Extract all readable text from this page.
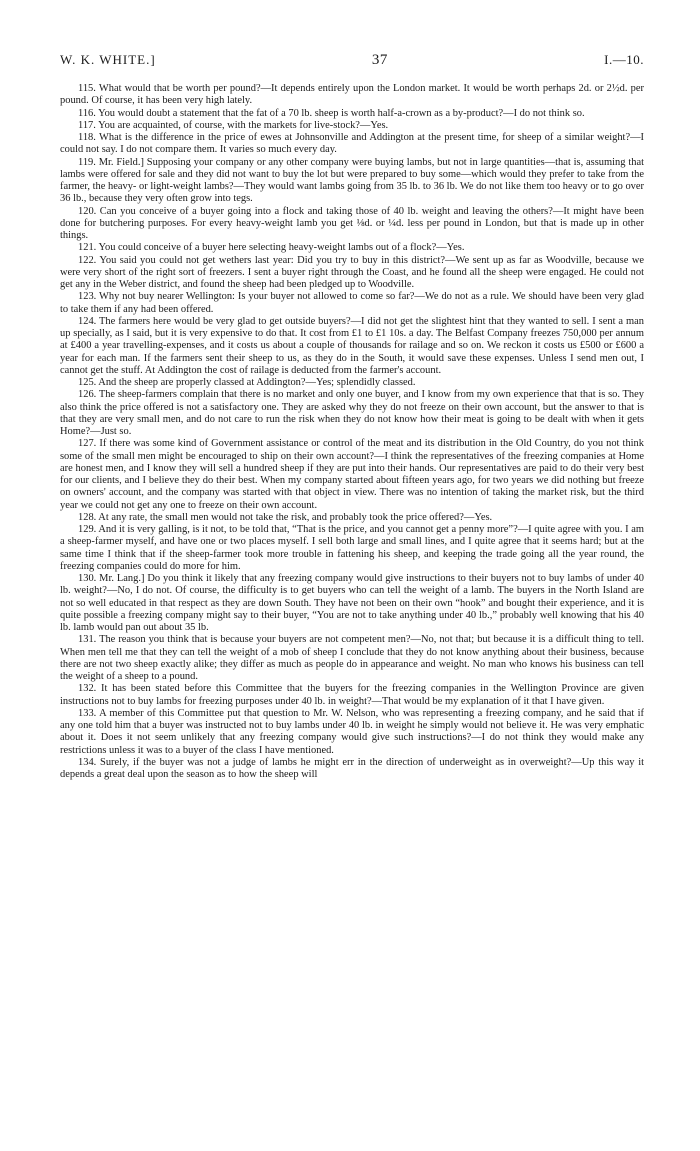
W. K. WHITE.]	37	I.—10.

115. What would that be worth per pound?—It depends entirely upon the London market. It would be worth perhaps 2d. or 2½d. per pound. Of course, it has been very high lately.

116. You would doubt a statement that the fat of a 70 lb. sheep is worth half-a-crown as a by-product?—I do not think so.

117. You are acquainted, of course, with the markets for live-stock?—Yes.

118. What is the difference in the price of ewes at Johnsonville and Addington at the present time, for sheep of a similar weight?—I could not say. I do not compare them. It varies so much every day.

119. Mr. Field.] Supposing your company or any other company were buying lambs, but not in large quantities—that is, assuming that lambs were offered for sale and they did not want to buy the lot but were prepared to buy some—which would they prefer to take from the farmer, the heavy- or light-weight lambs?—They would want lambs going from 35 lb. to 36 lb. We do not like them too heavy or to go over 36 lb., because they very often grow into tegs.

120. Can you conceive of a buyer going into a flock and taking those of 40 lb. weight and leaving the others?—It might have been done for butchering purposes. For every heavy-weight lamb you get ⅛d. or ¼d. less per pound in London, but that is made up in other things.

121. You could conceive of a buyer here selecting heavy-weight lambs out of a flock?—Yes.

122. You said you could not get wethers last year: Did you try to buy in this district?—We sent up as far as Woodville, because we were very short of the right sort of freezers. I sent a buyer right through the Coast, and he found all the sheep were engaged. He could not get any in the Weber district, and found the sheep had been pledged up to Woodville.

123. Why not buy nearer Wellington: Is your buyer not allowed to come so far?—We do not as a rule. We should have been very glad to take them if any had been offered.

124. The farmers here would be very glad to get outside buyers?—I did not get the slightest hint that they wanted to sell. I sent a man up specially, as I said, but it is very expensive to do that. It cost from £1 to £1 10s. a day. The Belfast Company freezes 750,000 per annum at £400 a year travelling-expenses, and it costs us about a couple of thousands for railage and so on. We reckon it costs us £500 or £600 a year for each man. If the farmers sent their sheep to us, as they do in the South, it would save these expenses. Unless I send men out, I cannot get the stuff. At Addington the cost of railage is deducted from the farmer's account.

125. And the sheep are properly classed at Addington?—Yes; splendidly classed.

126. The sheep-farmers complain that there is no market and only one buyer, and I know from my own experience that that is so. They also think the price offered is not a satisfactory one. They are asked why they do not freeze on their own account, but the answer to that is that they are very small men, and do not care to run the risk when they do not know how their meat is going to be dealt with when it gets Home?—Just so.

127. If there was some kind of Government assistance or control of the meat and its distribution in the Old Country, do you not think some of the small men might be encouraged to ship on their own account?—I think the representatives of the freezing companies at Home are honest men, and I know they will sell a hundred sheep if they are put into their hands. Our representatives are paid to do their very best for our clients, and I believe they do their best. When my company started about fifteen years ago, for two years we did nothing but freeze on owners' account, and the company was started with that object in view. There was no intention of taking the market risk, but the third year we could not get any one to freeze on their own account.

128. At any rate, the small men would not take the risk, and probably took the price offered?—Yes.

129. And it is very galling, is it not, to be told that, “That is the price, and you cannot get a penny more”?—I quite agree with you. I am a sheep-farmer myself, and have one or two places myself. I sell both large and small lines, and I quite agree that it seems hard; but at the same time I think that if the sheep-farmer took more trouble in fattening his sheep, and keeping the trade going all the year round, the freezing companies could do more for him.

130. Mr. Lang.] Do you think it likely that any freezing company would give instructions to their buyers not to buy lambs of under 40 lb. weight?—No, I do not. Of course, the difficulty is to get buyers who can tell the weight of a lamb. The buyers in the North Island are not so well educated in that respect as they are down South. They have not been on their own “hook” and bought their experience, and it is quite possible a freezing company might say to their buyer, “You are not to take anything under 40 lb.,” probably well knowing that his 40 lb. lamb would pan out about 35 lb.

131. The reason you think that is because your buyers are not competent men?—No, not that; but because it is a difficult thing to tell. When men tell me that they can tell the weight of a mob of sheep I conclude that they do not know anything about their business, because there are not two sheep exactly alike; they differ as much as people do in appearance and weight. No man who knows his business can tell the weight of a sheep to a pound.

132. It has been stated before this Committee that the buyers for the freezing companies in the Wellington Province are given instructions not to buy lambs for freezing purposes under 40 lb. in weight?—That would be my explanation of it that I have given.

133. A member of this Committee put that question to Mr. W. Nelson, who was representing a freezing company, and he said that if any one told him that a buyer was instructed not to buy lambs under 40 lb. in weight he simply would not believe it. He was very emphatic about it. Does it not seem unlikely that any freezing company would give such instructions?—I do not think they would make any restrictions unless it was to a buyer of the class I have mentioned.

134. Surely, if the buyer was not a judge of lambs he might err in the direction of underweight as in overweight?—Up this way it depends a great deal upon the season as to how the sheep will
